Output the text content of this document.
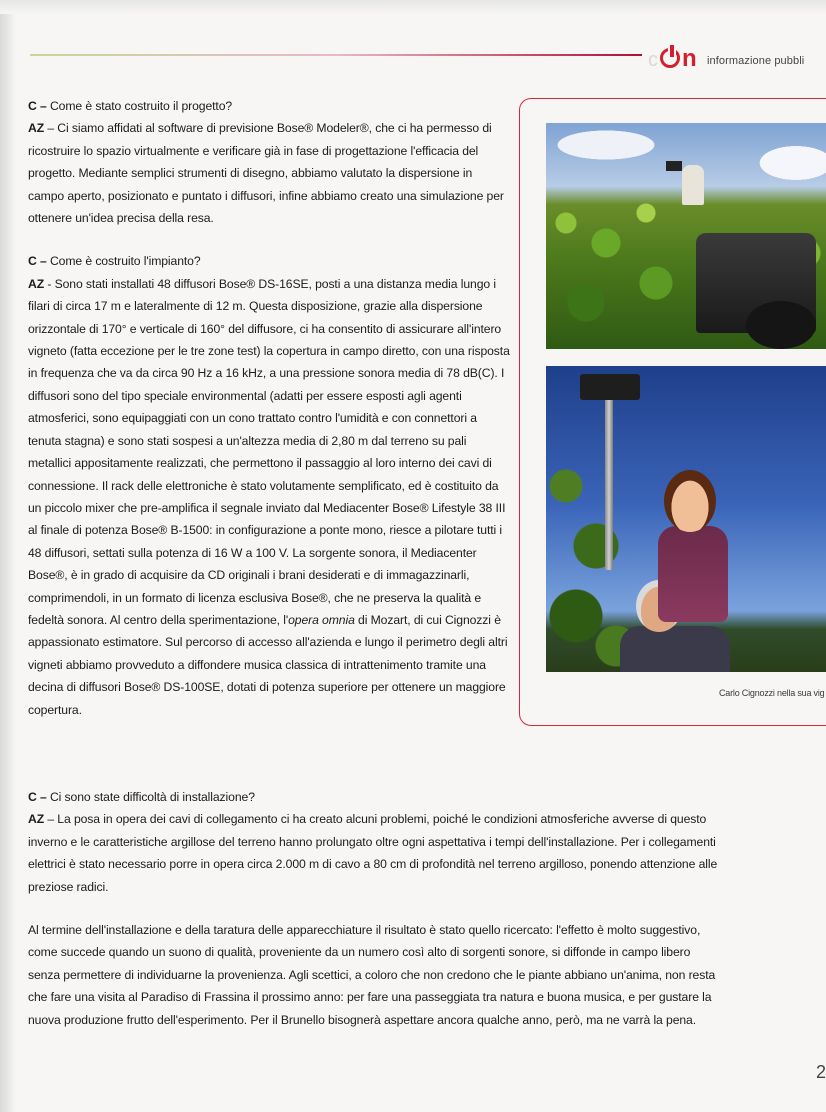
c n informazione pubbli

C – Come è stato costruito il progetto?
AZ – Ci siamo affidati al software di previsione Bose® Modeler®, che ci ha permesso di ricostruire lo spazio virtualmente e verificare già in fase di progettazione l'efficacia del progetto. Mediante semplici strumenti di disegno, abbiamo valutato la dispersione in campo aperto, posizionato e puntato i diffusori, infine abbiamo creato una simulazione per ottenere un'idea precisa della resa.

C – Come è costruito l'impianto?
AZ - Sono stati installati 48 diffusori Bose® DS-16SE, posti a una distanza media lungo i filari di circa 17 m e lateralmente di 12 m. Questa disposizione, grazie alla dispersione orizzontale di 170° e verticale di 160° del diffusore, ci ha consentito di assicurare all'intero vigneto (fatta eccezione per le tre zone test) la copertura in campo diretto, con una risposta in frequenza che va da circa 90 Hz a 16 kHz, a una pressione sonora media di 78 dB(C). I diffusori sono del tipo speciale environmental (adatti per essere esposti agli agenti atmosferici, sono equipaggiati con un cono trattato contro l'umidità e con connettori a tenuta stagna) e sono stati sospesi a un'altezza media di 2,80 m dal terreno su pali metallici appositamente realizzati, che permettono il passaggio al loro interno dei cavi di connessione. Il rack delle elettroniche è stato volutamente semplificato, ed è costituito da un piccolo mixer che pre-amplifica il segnale inviato dal Mediacenter Bose® Lifestyle 38 III al finale di potenza Bose® B-1500: in configurazione a ponte mono, riesce a pilotare tutti i 48 diffusori, settati sulla potenza di 16 W a 100 V. La sorgente sonora, il Mediacenter Bose®, è in grado di acquisire da CD originali i brani desiderati e di immagazzinarli, comprimendoli, in un formato di licenza esclusiva Bose®, che ne preserva la qualità e fedeltà sonora. Al centro della sperimentazione, l'opera omnia di Mozart, di cui Cignozzi è appassionato estimatore. Sul percorso di accesso all'azienda e lungo il perimetro degli altri vigneti abbiamo provveduto a diffondere musica classica di intrattenimento tramite una decina di diffusori Bose® DS-100SE, dotati di potenza superiore per ottenere un maggiore copertura.

C – Ci sono state difficoltà di installazione?
AZ – La posa in opera dei cavi di collegamento ci ha creato alcuni problemi, poiché le condizioni atmosferiche avverse di questo inverno e le caratteristiche argillose del terreno hanno prolungato oltre ogni aspettativa i tempi dell'installazione. Per i collegamenti elettrici è stato necessario porre in opera circa 2.000 m di cavo a 80 cm di profondità nel terreno argilloso, ponendo attenzione alle preziose radici.

Al termine dell'installazione e della taratura delle apparecchiature il risultato è stato quello ricercato: l'effetto è molto suggestivo, come succede quando un suono di qualità, proveniente da un numero così alto di sorgenti sonore, si diffonde in campo libero senza permettere di individuarne la provenienza. Agli scettici, a coloro che non credono che le piante abbiano un'anima, non resta che fare una visita al Paradiso di Frassina il prossimo anno: per fare una passeggiata tra natura e buona musica, e per gustare la nuova produzione frutto dell'esperimento. Per il Brunello bisognerà aspettare ancora qualche anno, però, ma ne varrà la pena.

Carlo Cignozzi nella sua vig
2
